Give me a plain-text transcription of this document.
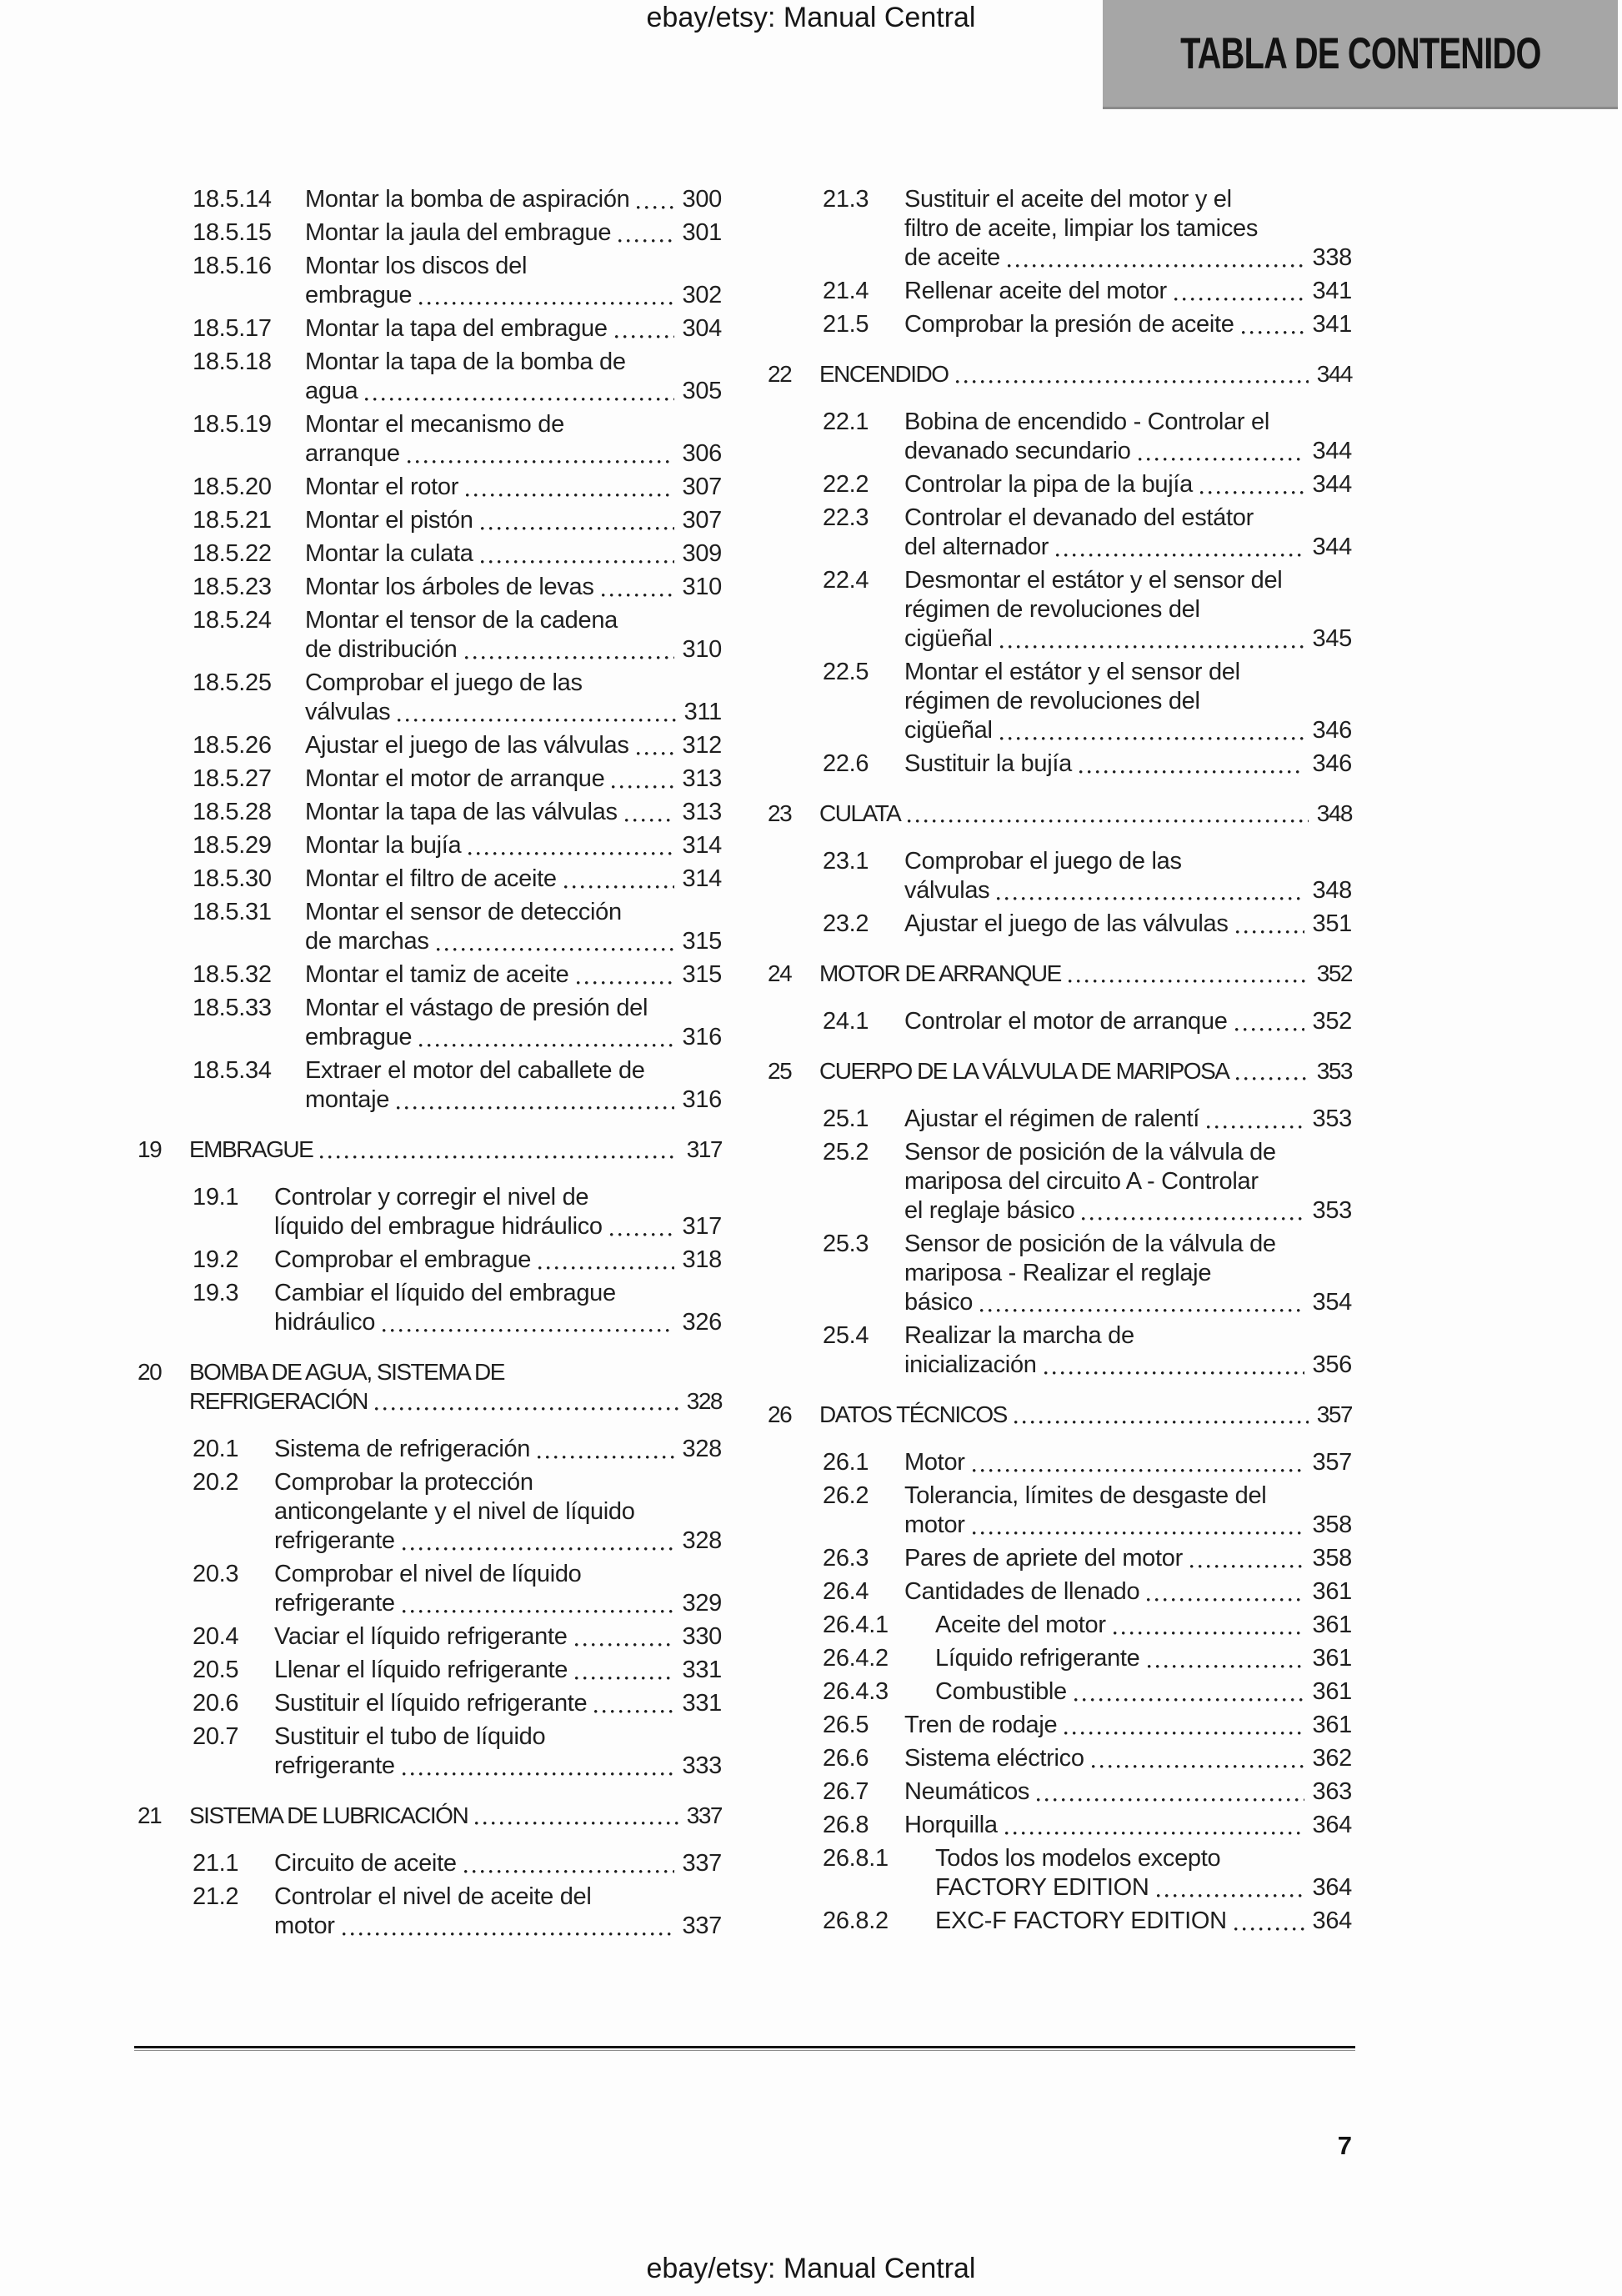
ebay/etsy: Manual Central
TABLA DE CONTENIDO
18.5.14	Montar la bomba de aspiración 300
18.5.15	Montar la jaula del embrague	301
18.5.16	Montar los discos del
embrague	302
18.5.17	Montar la tapa del embrague	304
18.5.18	Montar la tapa de la bomba de
agua	305
18.5.19	Montar el mecanismo de
arranque	306
18.5.20	Montar el rotor	307
18.5.21	Montar el pistón	307
18.5.22	Montar la culata	309
18.5.23	Montar los árboles de levas	310
18.5.24	Montar el tensor de la cadena
de distribución	310
18.5.25	Comprobar el juego de las
válvulas	311
18.5.26	Ajustar el juego de las válvulas 312
18.5.27	Montar el motor de arranque	313
18.5.28	Montar la tapa de las válvulas	313
18.5.29	Montar la bujía	314
18.5.30	Montar el filtro de aceite	314
18.5.31	Montar el sensor de detección
de marchas	315
18.5.32	Montar el tamiz de aceite	315
18.5.33	Montar el vástago de presión del
embrague	316
18.5.34	Extraer el motor del caballete de
montaje	316
19	EMBRAGUE	317
19.1	Controlar y corregir el nivel de
líquido del embrague hidráulico	317
19.2	Comprobar el embrague	318
19.3	Cambiar el líquido del embrague
hidráulico	326
20	BOMBA DE AGUA, SISTEMA DE
REFRIGERACIÓN	328
20.1	Sistema de refrigeración	328
20.2	Comprobar la protección
anticongelante y el nivel de líquido
refrigerante	328
20.3	Comprobar el nivel de líquido
refrigerante	329
20.4	Vaciar el líquido refrigerante	330
20.5	Llenar el líquido refrigerante	331
20.6	Sustituir el líquido refrigerante	331
20.7	Sustituir el tubo de líquido
refrigerante	333
21	SISTEMA DE LUBRICACIÓN	337
21.1	Circuito de aceite	337
21.2	Controlar el nivel de aceite del
motor	337
21.3	Sustituir el aceite del motor y el
filtro de aceite, limpiar los tamices
de aceite	338
21.4	Rellenar aceite del motor	341
21.5	Comprobar la presión de aceite	341
22	ENCENDIDO	344
22.1	Bobina de encendido - Controlar el
devanado secundario	344
22.2	Controlar la pipa de la bujía	344
22.3	Controlar el devanado del estátor
del alternador	344
22.4	Desmontar el estátor y el sensor del
régimen de revoluciones del
cigüeñal	345
22.5	Montar el estátor y el sensor del
régimen de revoluciones del
cigüeñal	346
22.6	Sustituir la bujía	346
23	CULATA	348
23.1	Comprobar el juego de las
válvulas	348
23.2	Ajustar el juego de las válvulas	351
24	MOTOR DE ARRANQUE	352
24.1	Controlar el motor de arranque	352
25	CUERPO DE LA VÁLVULA DE MARIPOSA	353
25.1	Ajustar el régimen de ralentí	353
25.2	Sensor de posición de la válvula de
mariposa del circuito A - Controlar
el reglaje básico	353
25.3	Sensor de posición de la válvula de
mariposa - Realizar el reglaje
básico	354
25.4	Realizar la marcha de
inicialización	356
26	DATOS TÉCNICOS	357
26.1	Motor	357
26.2	Tolerancia, límites de desgaste del
motor	358
26.3	Pares de apriete del motor	358
26.4	Cantidades de llenado	361
26.4.1	Aceite del motor	361
26.4.2	Líquido refrigerante	361
26.4.3	Combustible	361
26.5	Tren de rodaje	361
26.6	Sistema eléctrico	362
26.7	Neumáticos	363
26.8	Horquilla	364
26.8.1	Todos los modelos excepto
FACTORY EDITION	364
26.8.2	EXC-F FACTORY EDITION	364
7
ebay/etsy: Manual Central
